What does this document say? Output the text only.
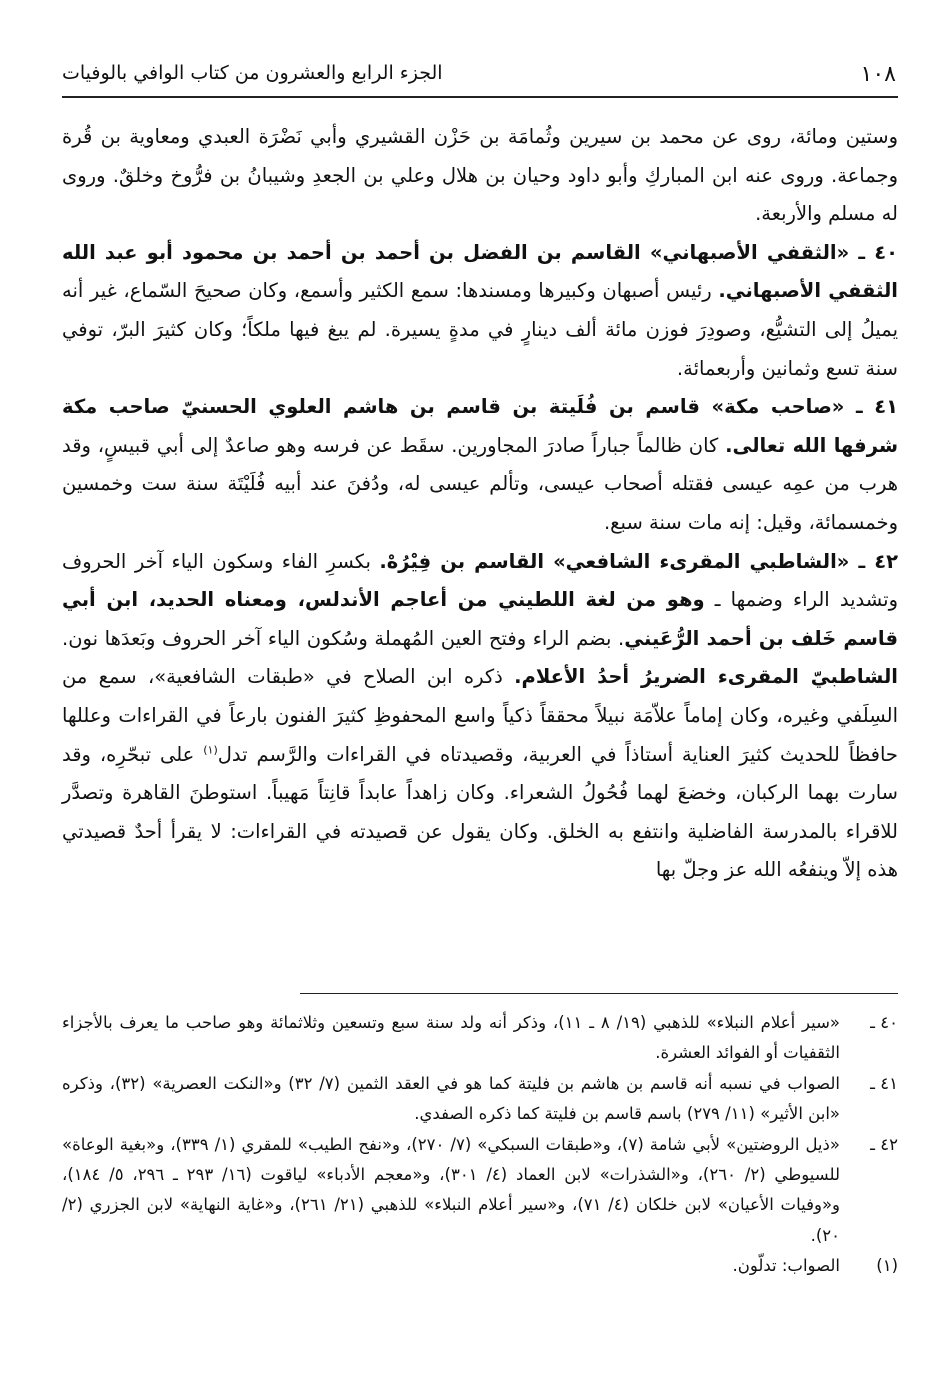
١٠٨
الجزء الرابع والعشرون من كتاب الوافي بالوفيات

وستين ومائة، روى عن محمد بن سيرين وثُمامَة بن حَزْن القشيري وأبي نَضْرَة العبدي ومعاوية بن قُرة وجماعة. وروى عنه ابن المباركِ وأبو داود وحيان بن هلال وعلي بن الجعدِ وشيبانُ بن فرُّوخ وخلقٌ. وروى له مسلم والأربعة.

٤٠ ـ «الثقفي الأصبهاني» القاسم بن الفضل بن أحمد بن أحمد بن محمود أبو عبد الله الثقفي الأصبهاني. رئيس أصبهان وكبيرها ومسندها: سمع الكثير وأسمع، وكان صحيحَ السّماع، غير أنه يميلُ إلى التشيُّع، وصودِرَ فوزن مائة ألف دينارٍ في مدةٍ يسيرة. لم يبغ فيها ملكاً؛ وكان كثيرَ البرّ، توفي سنة تسع وثمانين وأربعمائة.

٤١ ـ «صاحب مكة» قاسم بن فُلَيتة بن قاسم بن هاشم العلوي الحسنيّ صاحب مكة شرفها الله تعالى. كان ظالماً جباراً صادرَ المجاورين. سقَط عن فرسه وهو صاعدٌ إلى أبي قبيسٍ، وقد هرب من عمِه عيسى فقتله أصحاب عيسى، وتألم عيسى له، ودُفنَ عند أبيه فُلَيْتَة سنة ست وخمسين وخمسمائة، وقيل: إنه مات سنة سبع.

٤٢ ـ «الشاطبي المقرىء الشافعي» القاسم بن فِيْرُهْ. بكسرِ الفاء وسكون الياء آخر الحروف وتشديد الراء وضمها ـ وهو من لغة اللطيني من أعاجم الأندلس، ومعناه الحديد، ابن أبي قاسم خَلف بن أحمد الرُّعَيني. بضم الراء وفتح العين المُهملة وسُكون الياء آخر الحروف وبَعدَها نون. الشاطبيّ المقرىء الضريرُ أحدُ الأعلام. ذكره ابن الصلاح في «طبقات الشافعية»، سمع من السِلَفي وغيره، وكان إماماً علاّمَة نبيلاً محققاً ذكياً واسع المحفوظِ كثيرَ الفنون بارعاً في القراءات وعللها حافظاً للحديث كثيرَ العناية أستاذاً في العربية، وقصيدتاه في القراءات والرَّسم تدل$^{(١)}$ على تبحّرِه، وقد سارت بهما الركبان، وخضعَ لهما فُحُولُ الشعراء. وكان زاهداً عابداً قانِتاً مَهيباً. استوطنَ القاهرة وتصدَّر للاقراء بالمدرسة الفاضلية وانتفع به الخلق. وكان يقول عن قصيدته في القراءات: لا يقرأ أحدٌ قصيدتي هذه إلاّ وينفعُه الله عز وجلّ بها

٤٠ ـ
«سير أعلام النبلاء» للذهبي (١٩/ ٨ ـ ١١)، وذكر أنه ولد سنة سبع وتسعين وثلاثمائة وهو صاحب ما يعرف بالأجزاء الثقفيات أو الفوائد العشرة.
٤١ ـ
الصواب في نسبه أنه قاسم بن هاشم بن فليتة كما هو في العقد الثمين (٧/ ٣٢) و«النكت العصرية» (٣٢)، وذكره «ابن الأثير» (١١/ ٢٧٩) باسم قاسم بن فليتة كما ذكره الصفدي.
٤٢ ـ
«ذيل الروضتين» لأبي شامة (٧)، و«طبقات السبكي» (٧/ ٢٧٠)، و«نفح الطيب» للمقري (١/ ٣٣٩)، و«بغية الوعاة» للسيوطي (٢/ ٢٦٠)، و«الشذرات» لابن العماد (٤/ ٣٠١)، و«معجم الأدباء» لياقوت (١٦/ ٢٩٣ ـ ٢٩٦، ٥/ ١٨٤)، و«وفيات الأعيان» لابن خلكان (٤/ ٧١)، و«سير أعلام النبلاء» للذهبي (٢١/ ٢٦١)، و«غاية النهاية» لابن الجزري (٢/ ٢٠).
(١)
الصواب: تدلّون.
